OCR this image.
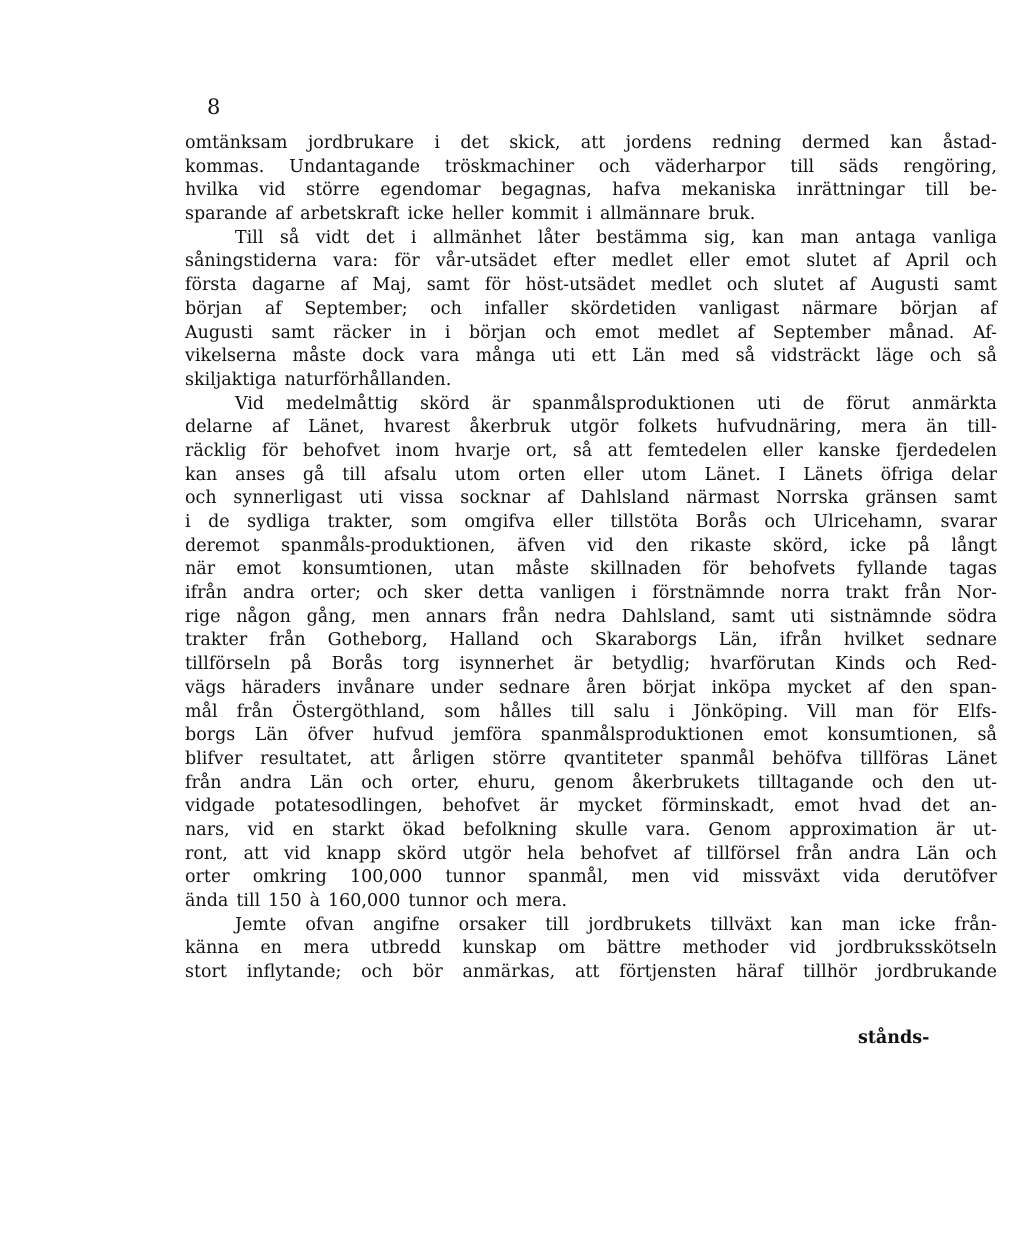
8
omtänksam jordbrukare i det skick, att jordens redning dermed kan åstad-
kommas. Undantagande tröskmachiner och väderharpor till säds rengöring,
hvilka vid större egendomar begagnas, hafva mekaniska inrättningar till be-
sparande af arbetskraft icke heller kommit i allmännare bruk.
Till så vidt det i allmänhet låter bestämma sig, kan man antaga vanliga
såningstiderna vara: för vår-utsädet efter medlet eller emot slutet af April och
första dagarne af Maj, samt för höst-utsädet medlet och slutet af Augusti samt
början af September; och infaller skördetiden vanligast närmare början af
Augusti samt räcker in i början och emot medlet af September månad. Af-
vikelserna måste dock vara många uti ett Län med så vidsträckt läge och så
skiljaktiga naturförhållanden.
Vid medelmåttig skörd är spanmålsproduktionen uti de förut anmärkta
delarne af Länet, hvarest åkerbruk utgör folkets hufvudnäring, mera än till-
räcklig för behofvet inom hvarje ort, så att femtedelen eller kanske fjerdedelen
kan anses gå till afsalu utom orten eller utom Länet. I Länets öfriga delar
och synnerligast uti vissa socknar af Dahlsland närmast Norrska gränsen samt
i de sydliga trakter, som omgifva eller tillstöta Borås och Ulricehamn, svarar
deremot spanmåls-produktionen, äfven vid den rikaste skörd, icke på långt
när emot konsumtionen, utan måste skillnaden för behofvets fyllande tagas
ifrån andra orter; och sker detta vanligen i förstnämnde norra trakt från Nor-
rige någon gång, men annars från nedra Dahlsland, samt uti sistnämnde södra
trakter från Gotheborg, Halland och Skaraborgs Län, ifrån hvilket sednare
tillförseln på Borås torg isynnerhet är betydlig; hvarförutan Kinds och Red-
vägs häraders invånare under sednare åren börjat inköpa mycket af den span-
mål från Östergöthland, som hålles till salu i Jönköping. Vill man för Elfs-
borgs Län öfver hufvud jemföra spanmålsproduktionen emot konsumtionen, så
blifver resultatet, att årligen större qvantiteter spanmål behöfva tillföras Länet
från andra Län och orter, ehuru, genom åkerbrukets tilltagande och den ut-
vidgade potatesodlingen, behofvet är mycket förminskadt, emot hvad det an-
nars, vid en starkt ökad befolkning skulle vara. Genom approximation är ut-
ront, att vid knapp skörd utgör hela behofvet af tillförsel från andra Län och
orter omkring 100,000 tunnor spanmål, men vid missväxt vida derutöfver
ända till 150 à 160,000 tunnor och mera.
Jemte ofvan angifne orsaker till jordbrukets tillväxt kan man icke från-
känna en mera utbredd kunskap om bättre methoder vid jordbruksskötseln
stort inflytande; och bör anmärkas, att förtjensten häraf tillhör jordbrukande
stånds-
